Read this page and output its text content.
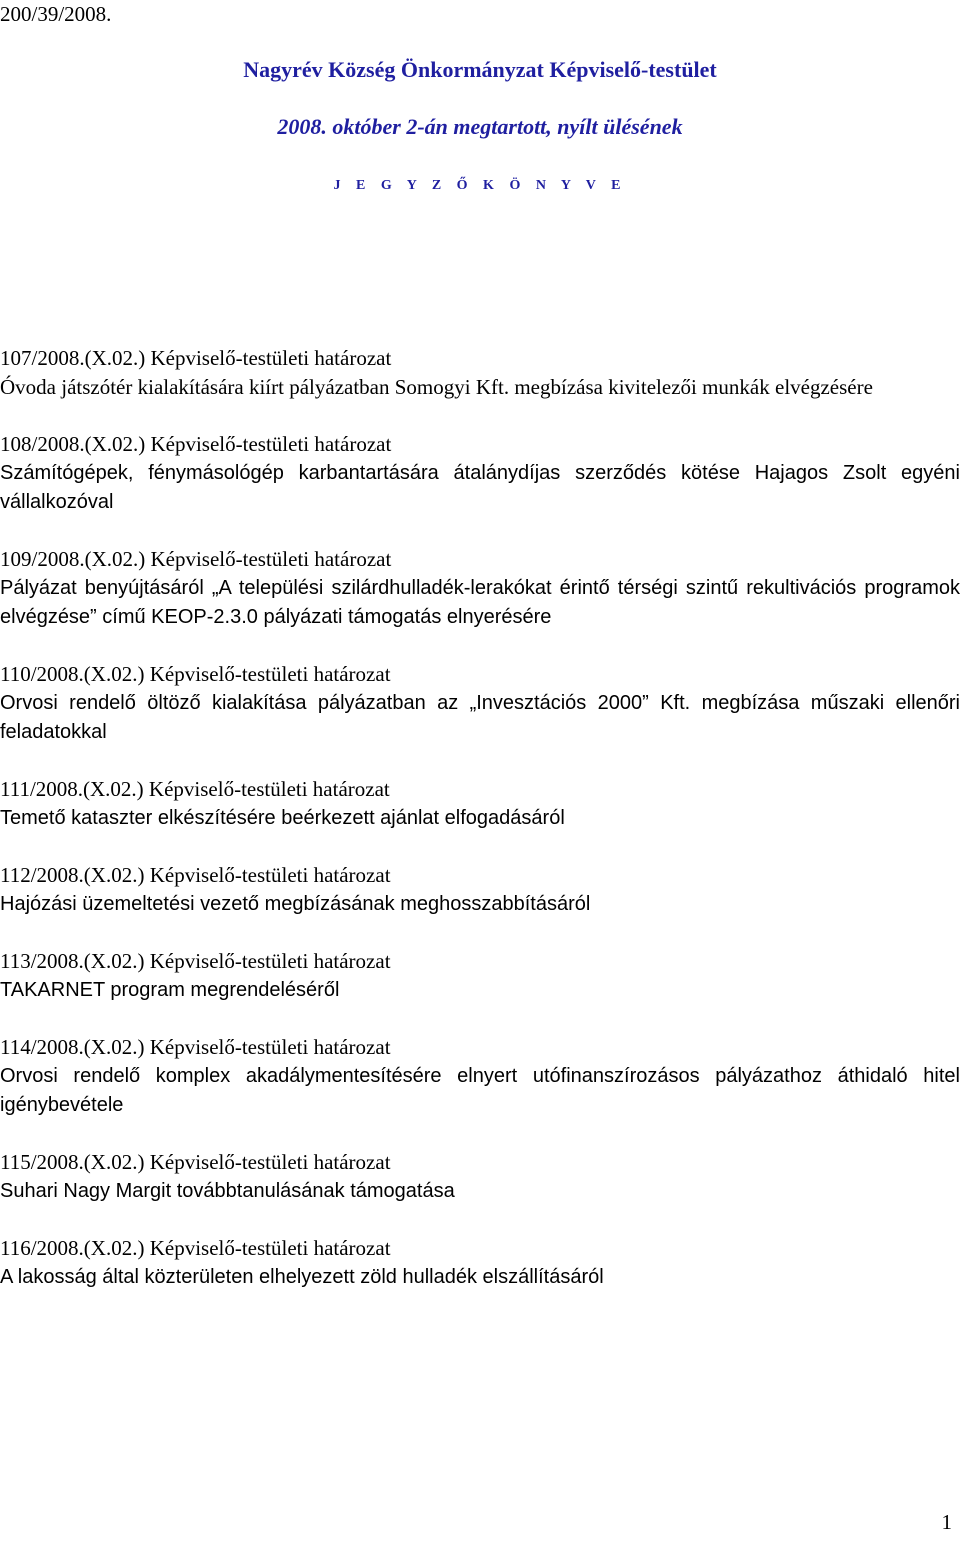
200/39/2008.
Nagyrév Község Önkormányzat Képviselő-testület
2008. október 2-án megtartott, nyílt ülésének
J E G Y Z Ő K Ö N Y V E
107/2008.(X.02.) Képviselő-testületi határozat
Óvoda játszótér kialakítására kiírt pályázatban Somogyi Kft. megbízása kivitelezői munkák elvégzésére
108/2008.(X.02.) Képviselő-testületi határozat
Számítógépek, fénymásológép karbantartására átalánydíjas szerződés kötése Hajagos Zsolt egyéni vállalkozóval
109/2008.(X.02.) Képviselő-testületi határozat
Pályázat benyújtásáról „A települési szilárdhulladék-lerakókat érintő térségi szintű rekultivációs programok elvégzése” című KEOP-2.3.0 pályázati támogatás elnyerésére
110/2008.(X.02.) Képviselő-testületi határozat
Orvosi rendelő öltöző kialakítása pályázatban az „Invesztációs 2000” Kft. megbízása műszaki ellenőri feladatokkal
111/2008.(X.02.) Képviselő-testületi határozat
Temető kataszter elkészítésére beérkezett ajánlat elfogadásáról
112/2008.(X.02.) Képviselő-testületi határozat
Hajózási üzemeltetési vezető megbízásának meghosszabbításáról
113/2008.(X.02.) Képviselő-testületi határozat
TAKARNET program megrendeléséről
114/2008.(X.02.) Képviselő-testületi határozat
Orvosi rendelő komplex akadálymentesítésére elnyert utófinanszírozásos pályázathoz áthidaló hitel igénybevétele
115/2008.(X.02.) Képviselő-testületi határozat
Suhari Nagy Margit továbbtanulásának támogatása
116/2008.(X.02.) Képviselő-testületi határozat
A lakosság által közterületen elhelyezett zöld hulladék elszállításáról
1
